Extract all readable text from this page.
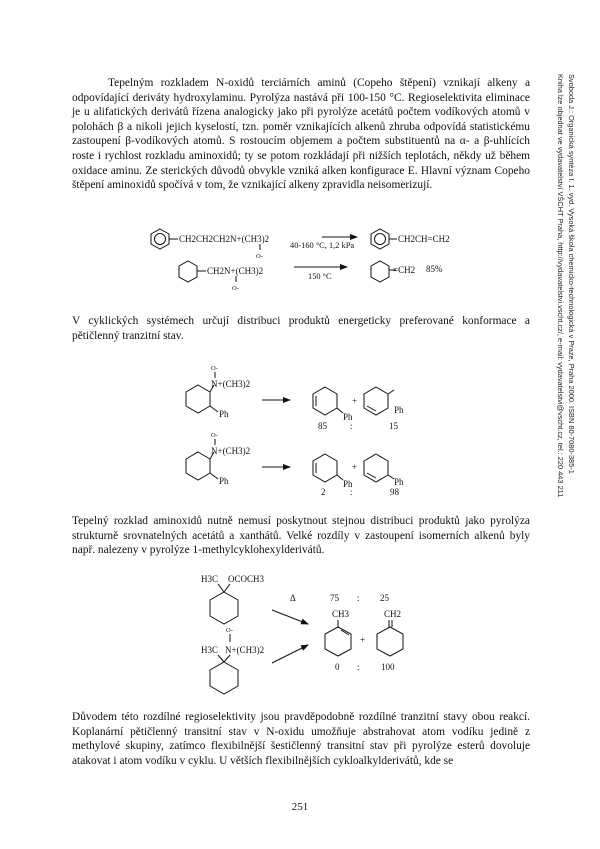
Tepelným rozkladem N-oxidů terciárních aminů (Copeho štěpení) vznikají alkeny a odpovídající deriváty hydroxylaminu. Pyrolýza nastává při 100-150 °C. Regioselektivita eliminace je u alifatických derivátů řízena analogicky jako při pyrolýze acetátů počtem vodíkových atomů v polohách β a nikoli jejich kyselostí, tzn. poměr vznikajících alkenů zhruba odpovídá statistickému zastoupení β-vodíkových atomů. S rostoucím objemem a počtem substituentů na α- a β-uhlících roste i rychlost rozkladu aminoxidů; ty se potom rozkládají při nižších teplotách, někdy už během oxidace aminu. Ze sterických důvodů obvykle vzniká alken konfigurace E. Hlavní význam Copeho štěpení aminoxidů spočívá v tom, že vznikající alkeny zpravidla neisomerizují.
V cyklických systémech určují distribuci produktů energeticky preferované konformace a pětičlenný tranzitní stav.
Tepelný rozklad aminoxidů nutně nemusí poskytnout stejnou distribuci produktů jako pyrolýza strukturně srovnatelných acetátů a xanthátů. Velké rozdíly v zastoupení isomerních alkenů byly např. nalezeny v pyrolýze 1-methylcyklohexylderivátů.
Důvodem této rozdílné regioselektivity jsou pravděpodobně rozdílné tranzitní stavy obou reakcí. Koplanární pětičlenný transitní stav v N-oxidu umožňuje abstrahovat atom vodíku jedině z methylové skupiny, zatímco flexibilnější šestičlenný transitní stav při pyrolýze esterů dovoluje atakovat i atom vodíku v cyklu. U větších flexibilnějších cykloalkylderivátů, kde se
Svoboda J.: Organická syntéza I. 1. vyd. Vysoká škola chemicko-technologická v Praze, Praha 2000. ISBN 80-7080-385-1
Kniha lze objednat ve vydavatelství VŠCHT Praha, http://vydavatelstvi.vscht.cz/, e-mail: vydavatelstvi@vscht.cz, tel.: 220 443 211
251
CH2CH2CH2N+(CH3)2
O-
40-160 °C, 1,2 kPa
CH2CH=CH2
CH2N+(CH3)2
O-
150 °C
=CH2 85%
O-
N+(CH3)2
Ph	Ph
+
Ph
85	:	15
O-
N+(CH3)2
Ph	Ph
+
Ph
2	:	98
H3C OCOCH3
Δ	75 : 25
O-
H3C N+(CH3)2
CH3
+
CH2
0 : 100
